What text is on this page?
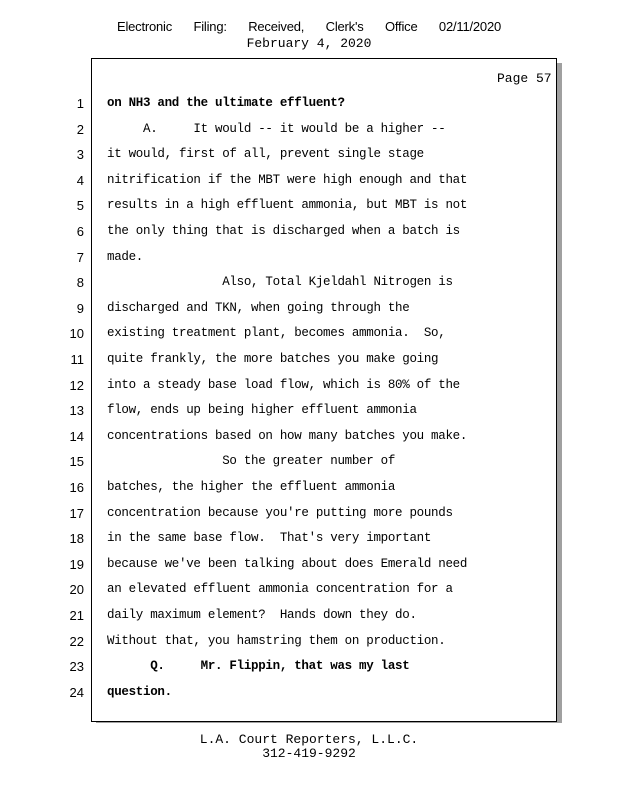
Electronic Filing: Received, Clerk's Office 02/11/2020
February 4, 2020
Page 57
1 on NH3 and the ultimate effluent?
2 A.     It would -- it would be a higher --
3 it would, first of all, prevent single stage
4 nitrification if the MBT were high enough and that
5 results in a high effluent ammonia, but MBT is not
6 the only thing that is discharged when a batch is
7 made.
8 Also, Total Kjeldahl Nitrogen is
9 discharged and TKN, when going through the
10 existing treatment plant, becomes ammonia.  So,
11 quite frankly, the more batches you make going
12 into a steady base load flow, which is 80% of the
13 flow, ends up being higher effluent ammonia
14 concentrations based on how many batches you make.
15 So the greater number of
16 batches, the higher the effluent ammonia
17 concentration because you're putting more pounds
18 in the same base flow.  That's very important
19 because we've been talking about does Emerald need
20 an elevated effluent ammonia concentration for a
21 daily maximum element?  Hands down they do.
22 Without that, you hamstring them on production.
23 Q.     Mr. Flippin, that was my last
24 question.
L.A. Court Reporters, L.L.C.
312-419-9292
